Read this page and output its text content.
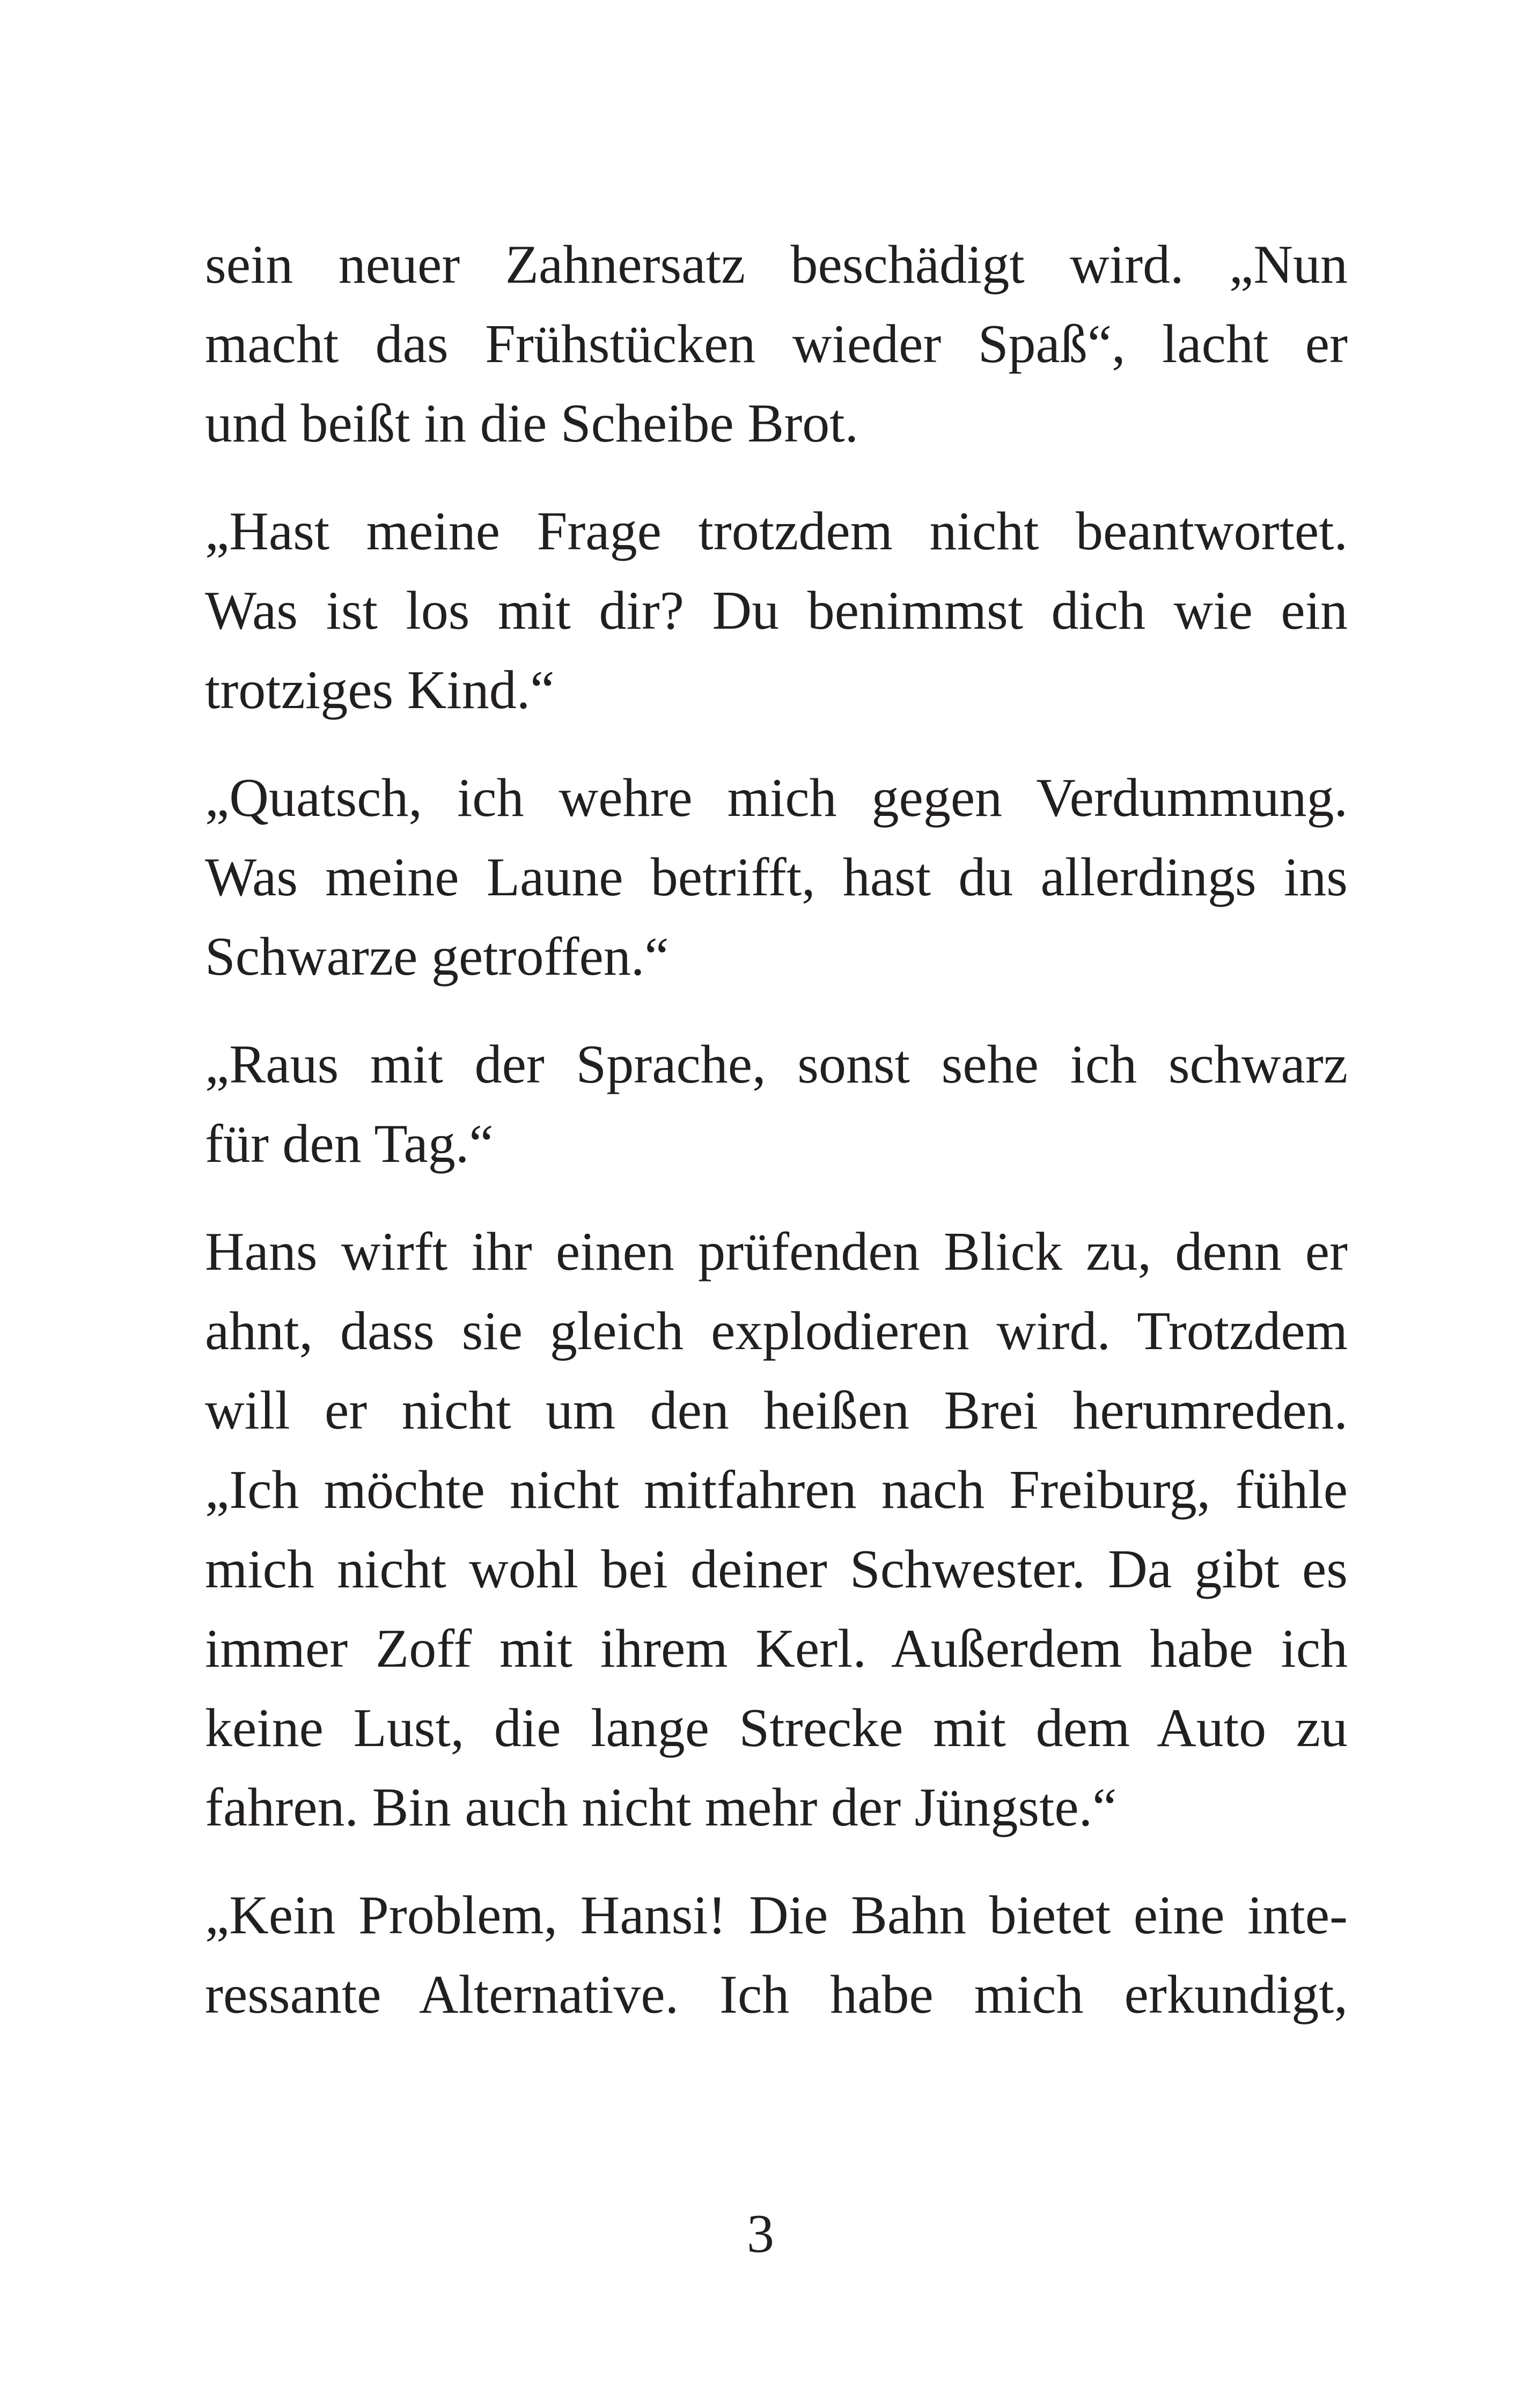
sein neuer Zahnersatz beschädigt wird. „Nun
macht das Frühstücken wieder Spaß“, lacht er
und beißt in die Scheibe Brot.
„Hast meine Frage trotzdem nicht beantwortet.
Was ist los mit dir? Du benimmst dich wie ein
trotziges Kind.“
„Quatsch, ich wehre mich gegen Verdummung.
Was meine Laune betrifft, hast du allerdings ins
Schwarze getroffen.“
„Raus mit der Sprache, sonst sehe ich schwarz
für den Tag.“
Hans wirft ihr einen prüfenden Blick zu, denn er
ahnt, dass sie gleich explodieren wird. Trotzdem
will er nicht um den heißen Brei herumreden.
„Ich möchte nicht mitfahren nach Freiburg, fühle
mich nicht wohl bei deiner Schwester. Da gibt es
immer Zoff mit ihrem Kerl. Außerdem habe ich
keine Lust, die lange Strecke mit dem Auto zu
fahren. Bin auch nicht mehr der Jüngste.“
„Kein Problem, Hansi! Die Bahn bietet eine inte-
ressante Alternative. Ich habe mich erkundigt,
3
